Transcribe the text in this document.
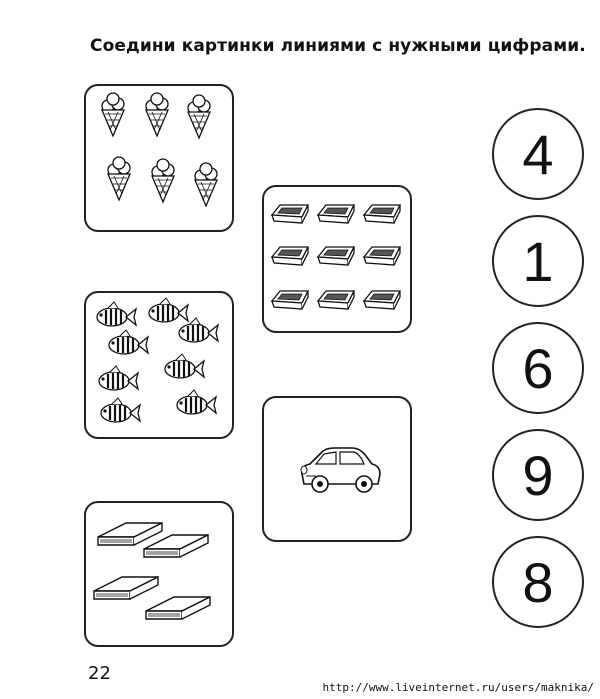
Соедини картинки линиями с нужными цифрами.
4
1
6
9
8
22
http://www.liveinternet.ru/users/maknika/
